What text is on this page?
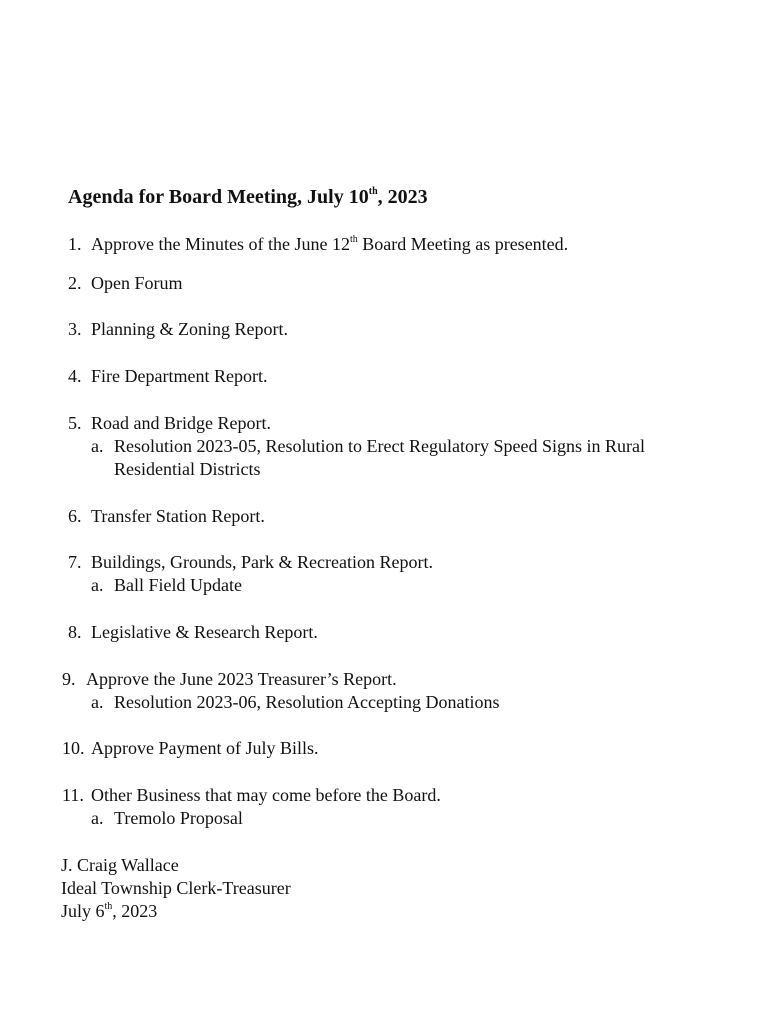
Agenda for Board Meeting, July 10th, 2023
1. Approve the Minutes of the June 12th Board Meeting as presented.
2. Open Forum
3. Planning & Zoning Report.
4. Fire Department Report.
5. Road and Bridge Report.
a. Resolution 2023-05, Resolution to Erect Regulatory Speed Signs in Rural
Residential Districts
6. Transfer Station Report.
7. Buildings, Grounds, Park & Recreation Report.
a. Ball Field Update
8. Legislative & Research Report.
9. Approve the June 2023 Treasurer’s Report.
a. Resolution 2023-06, Resolution Accepting Donations
10. Approve Payment of July Bills.
11. Other Business that may come before the Board.
a. Tremolo Proposal
J. Craig Wallace
Ideal Township Clerk-Treasurer
July 6th, 2023
